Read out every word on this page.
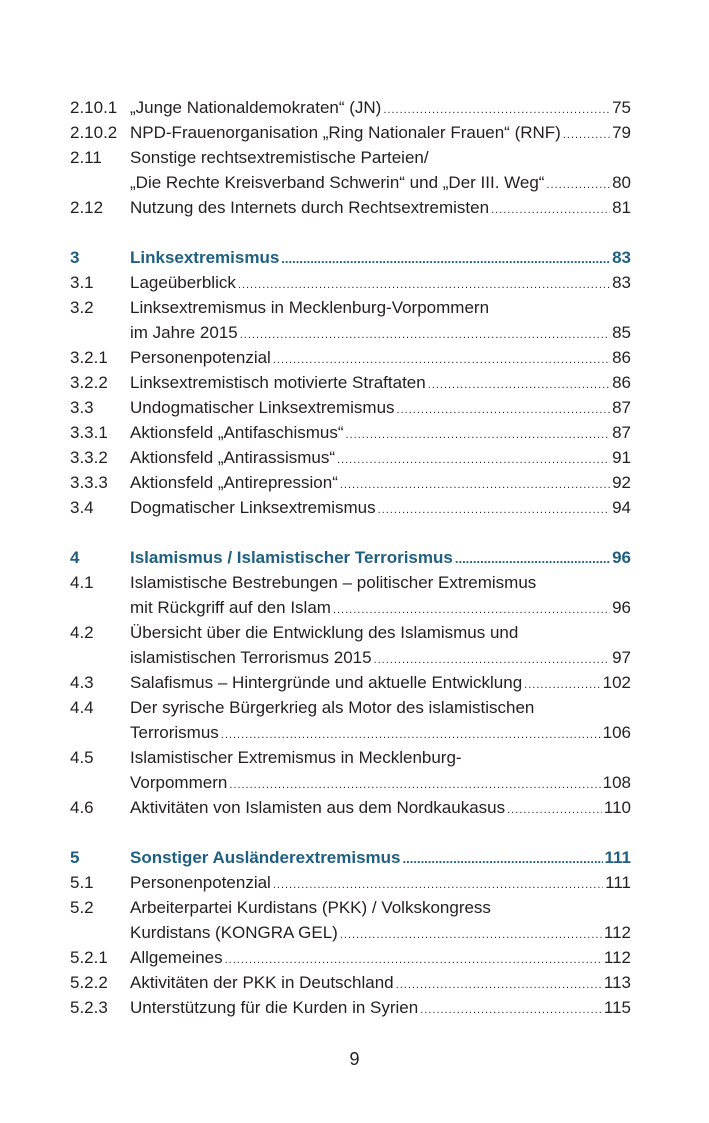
2.10.1 „Junge Nationaldemokraten“ (JN) .....	75
2.10.2 NPD-Frauenorganisation „Ring Nationaler Frauen“ (RNF) .....	79
2.11	Sonstige rechtsextremistische Parteien/
„Die Rechte Kreisverband Schwerin“ und „Der III. Weg“ .....	80
2.12	Nutzung des Internets durch Rechtsextremisten .....	81
3	Linksextremismus .....	83
3.1	Lageüberblick .....	83
3.2	Linksextremismus in Mecklenburg-Vorpommern
im Jahre 2015 .....	85
3.2.1	Personenpotenzial .....	86
3.2.2	Linksextremistisch motivierte Straftaten .....	86
3.3	Undogmatischer Linksextremismus .....	87
3.3.1	Aktionsfeld „Antifaschismus“ .....	87
3.3.2	Aktionsfeld „Antirassismus“ .....	91
3.3.3	Aktionsfeld „Antirepression“ .....	92
3.4	Dogmatischer Linksextremismus .....	94
4	Islamismus / Islamistischer Terrorismus .....	96
4.1	Islamistische Bestrebungen – politischer Extremismus
mit Rückgriff auf den Islam .....	96
4.2	Übersicht über die Entwicklung des Islamismus und
islamistischen Terrorismus 2015 .....	97
4.3	Salafismus – Hintergründe und aktuelle Entwicklung .....	102
4.4	Der syrische Bürgerkrieg als Motor des islamistischen
Terrorismus .....	106
4.5	Islamistischer Extremismus in Mecklenburg-
Vorpommern .....	108
4.6	Aktivitäten von Islamisten aus dem Nordkaukasus .....	110
5	Sonstiger Ausländerextremismus .....	111
5.1	Personenpotenzial .....	111
5.2	Arbeiterpartei Kurdistans (PKK) / Volkskongress
Kurdistans (KONGRA GEL) .....	112
5.2.1	Allgemeines .....	112
5.2.2	Aktivitäten der PKK in Deutschland .....	113
5.2.3	Unterstützung für die Kurden in Syrien .....	115
9
